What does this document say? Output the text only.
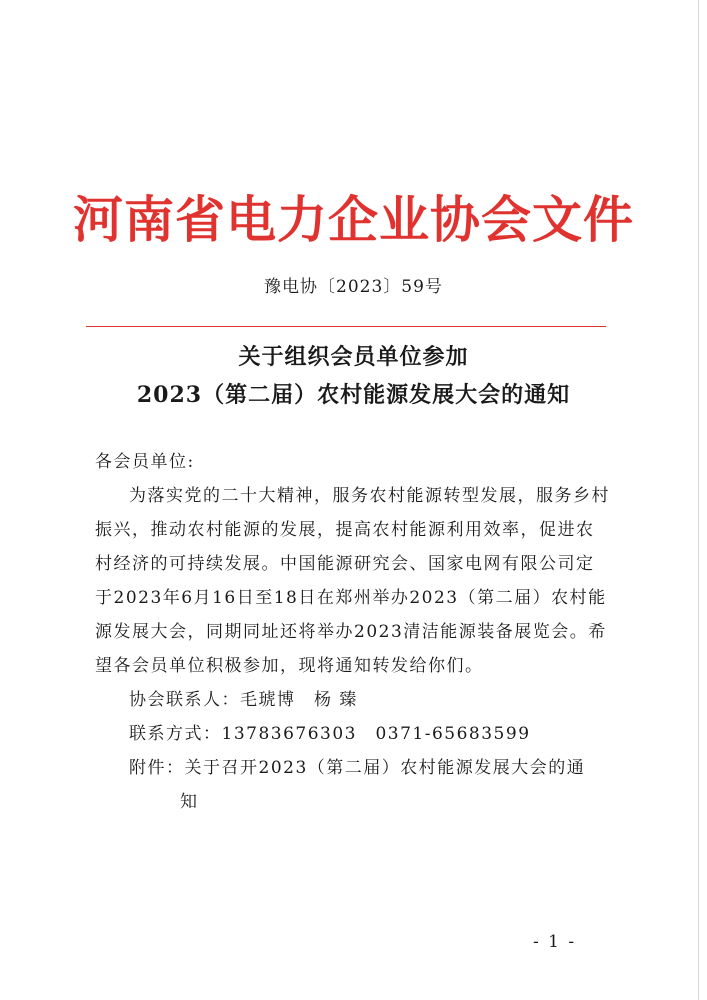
河南省电力企业协会文件
豫电协〔2023〕59号
关于组织会员单位参加
2023（第二届）农村能源发展大会的通知

各会员单位:

为落实党的二十大精神，服务农村能源转型发展，服务乡村振兴，推动农村能源的发展，提高农村能源利用效率，促进农村经济的可持续发展。中国能源研究会、国家电网有限公司定于2023年6月16日至18日在郑州举办2023（第二届）农村能源发展大会，同期同址还将举办2023清洁能源装备展览会。希望各会员单位积极参加，现将通知转发给你们。

协会联系人：毛琥博　杨 臻

联系方式：13783676303　0371-65683599

附件：关于召开2023（第二届）农村能源发展大会的通
知

- 1 -
